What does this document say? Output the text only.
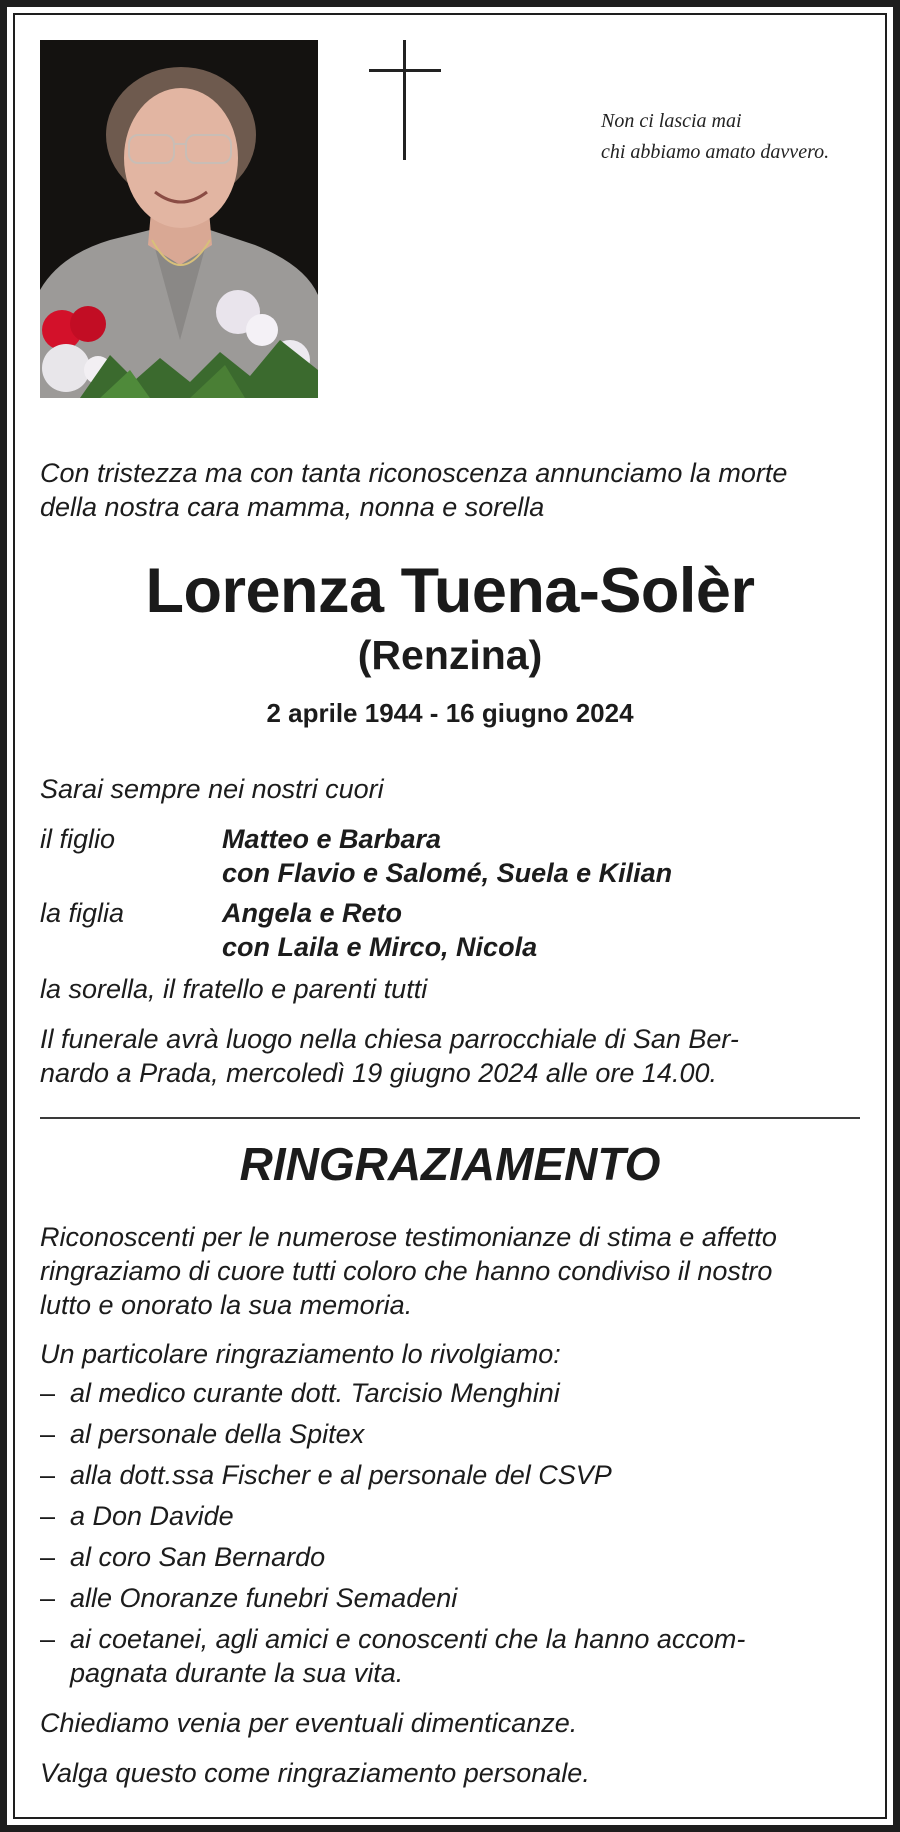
Non ci lascia mai
chi abbiamo amato davvero.
Con tristezza ma con tanta riconoscenza annunciamo la morte
della nostra cara mamma, nonna e sorella
Lorenza Tuena-Solèr
(Renzina)
2 aprile 1944 - 16 giugno 2024
Sarai sempre nei nostri cuori
il figlio	Matteo e Barbara
con Flavio e Salomé, Suela e Kilian
la figlia	Angela e Reto
con Laila e Mirco, Nicola
la sorella, il fratello e parenti tutti
Il funerale avrà luogo nella chiesa parrocchiale di San Ber-
nardo a Prada, mercoledì 19 giugno 2024 alle ore 14.00.
RINGRAZIAMENTO
Riconoscenti per le numerose testimonianze di stima e affetto
ringraziamo di cuore tutti coloro che hanno condiviso il nostro
lutto e onorato la sua memoria.
Un particolare ringraziamento lo rivolgiamo:
– al medico curante dott. Tarcisio Menghini
– al personale della Spitex
– alla dott.ssa Fischer e al personale del CSVP
– a Don Davide
– al coro San Bernardo
– alle Onoranze funebri Semadeni
– ai coetanei, agli amici e conoscenti che la hanno accom-
pagnata durante la sua vita.
Chiediamo venia per eventuali dimenticanze.
Valga questo come ringraziamento personale.
